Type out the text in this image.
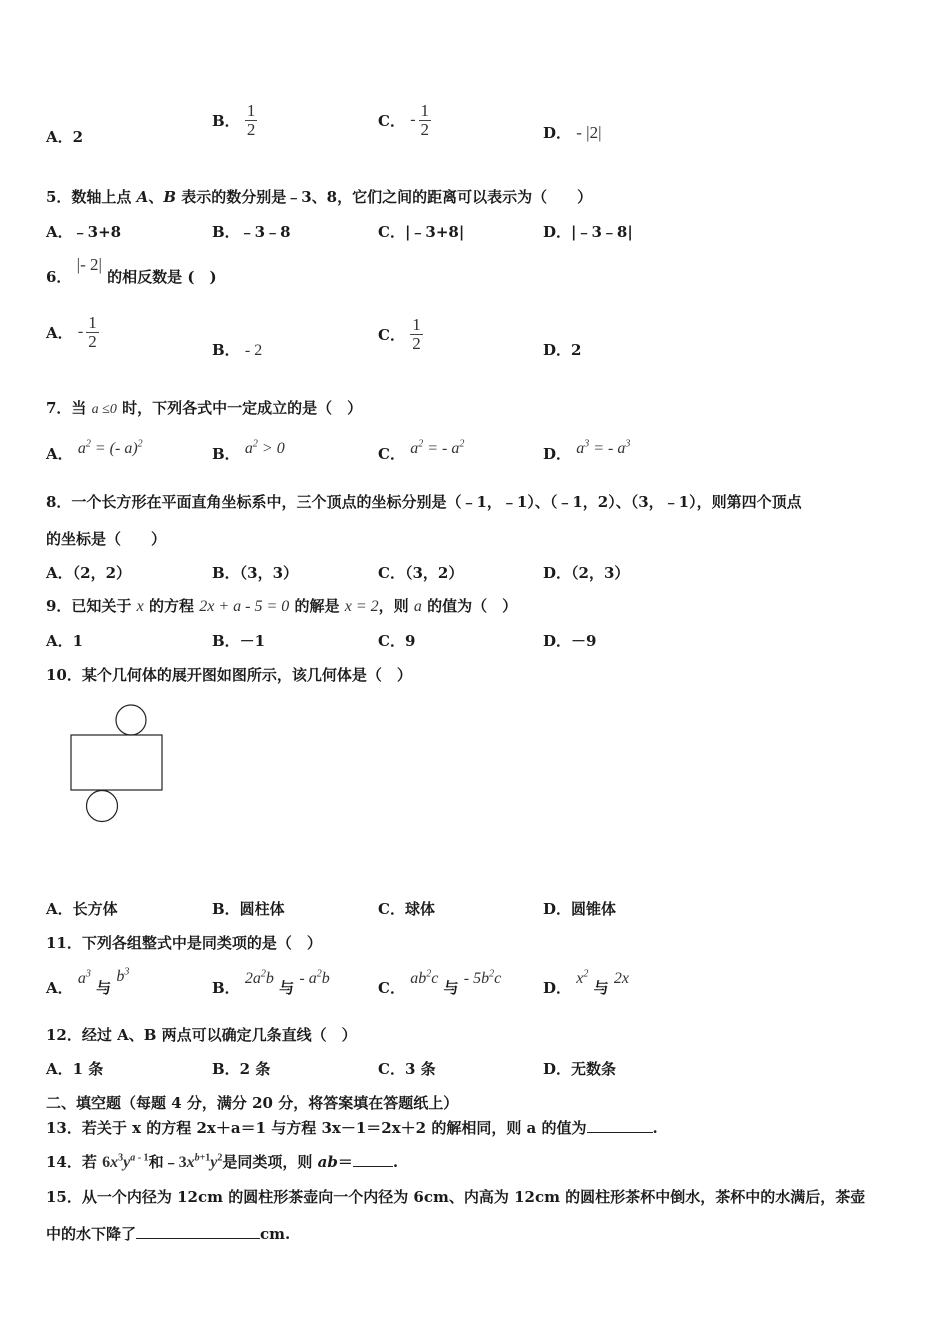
A．2
B． $\frac{1}{2}$	C． - $\frac{1}{2}$	D． - |2|
5．数轴上点 A、B 表示的数分别是﹣3、8，它们之间的距离可以表示为（　　）
A．﹣3+8	B．﹣3﹣8	C．|﹣3+8|	D．|﹣3﹣8|
6． |- 2| 的相反数是 (　)
A． - $\frac{1}{2}$	B． - 2
C． $\frac{1}{2}$	D．2
7．当 a ≤0 时，下列各式中一定成立的是（　）
A． $a^2$ = (- a)$^2$
B． $a^2 > 0$	C． $a^2$ = - $a^2$
D． $a^3$ = - $a^3$
8．一个长方形在平面直角坐标系中，三个顶点的坐标分别是（﹣1，﹣1）、（﹣1，2）、（3，﹣1），则第四个顶点
的坐标是（　　）
A．（2，2）	B．（3，3）	C．（3，2）	D．（2，3）
9．已知关于 x 的方程 2x + a - 5 = 0 的解是 x = 2，则 a 的值为（　）
A．1	B．－1	C．9	D．－9
10．某个几何体的展开图如图所示，该几何体是（　）
A．长方体	B．圆柱体	C．球体	D．圆锥体
11．下列各组整式中是同类项的是（　）
A． $a^3$ 与 $b^3$
B． $2a^2b$ 与 - $a^2b$
C． $ab^2c$ 与 - $5b^2c$
D． $x^2$ 与 2x
12．经过 A、B 两点可以确定几条直线（　）
A．1 条	B．2 条	C．3 条	D．无数条
二、填空题（每题 4 分，满分 20 分，将答案填在答题纸上）
13．若关于 x 的方程 2x＋a＝1 与方程 3x－1＝2x＋2 的解相同，则 a 的值为	.
14．若 $6x^3y^{a - 1}$和$﹣3x^{b+1}y^2$是同类项，则 ab＝	.
15．从一个内径为 12cm 的圆柱形茶壶向一个内径为 6cm、内高为 12cm 的圆柱形茶杯中倒水，茶杯中的水满后，茶壶
中的水下降了	cm.
